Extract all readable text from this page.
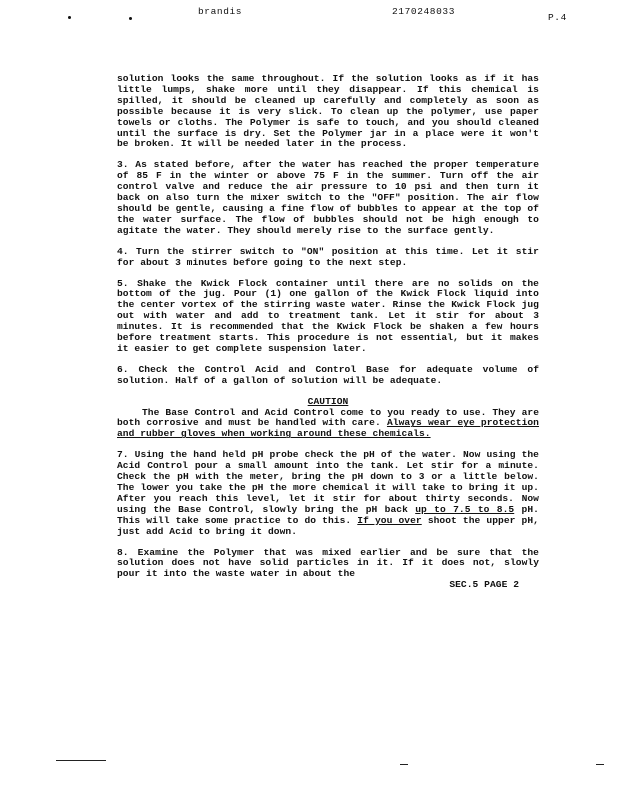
brandis	2170248033
P.4

solution looks the same throughout. If the solution looks as if it has little lumps, shake more until they disappear. If this chemical is spilled, it should be cleaned up carefully and completely as soon as possible because it is very slick. To clean up the polymer, use paper towels or cloths. The Polymer is safe to touch, and you should cleaned until the surface is dry. Set the Polymer jar in a place were it won't be broken. It will be needed later in the process.

3. As stated before, after the water has reached the proper temperature of 85 F in the winter or above 75 F in the summer. Turn off the air control valve and reduce the air pressure to 10 psi and then turn it back on also turn the mixer switch to the "OFF" position. The air flow should be gentle, causing a fine flow of bubbles to appear at the top of the water surface. The flow of bubbles should not be high enough to agitate the water. They should merely rise to the surface gently.

4. Turn the stirrer switch to "ON" position at this time. Let it stir for about 3 minutes before going to the next step.

5. Shake the Kwick Flock container until there are no solids on the bottom of the jug. Pour (1) one gallon of the Kwick Flock liquid into the center vortex of the stirring waste water. Rinse the Kwick Flock jug out with water and add to treatment tank. Let it stir for about 3 minutes. It is recommended that the Kwick Flock be shaken a few hours before treatment starts. This procedure is not essential, but it makes it easier to get complete suspension later.

6. Check the Control Acid and Control Base for adequate volume of solution. Half of a gallon of solution will be adequate.

CAUTION

The Base Control and Acid Control come to you ready to use. They are both corrosive and must be handled with care. Always wear eye protection and rubber gloves when working around these chemicals.

7. Using the hand held pH probe check the pH of the water. Now using the Acid Control pour a small amount into the tank. Let stir for a minute. Check the pH with the meter, bring the pH down to 3 or a little below. The lower you take the pH the more chemical it will take to bring it up. After you reach this level, let it stir for about thirty seconds. Now using the Base Control, slowly bring the pH back up to 7.5 to 8.5 pH. This will take some practice to do this. If you over shoot the upper pH, just add Acid to bring it down.

8. Examine the Polymer that was mixed earlier and be sure that the solution does not have solid particles in it. If it does not, slowly pour it into the waste water in about the

SEC.5 PAGE 2
